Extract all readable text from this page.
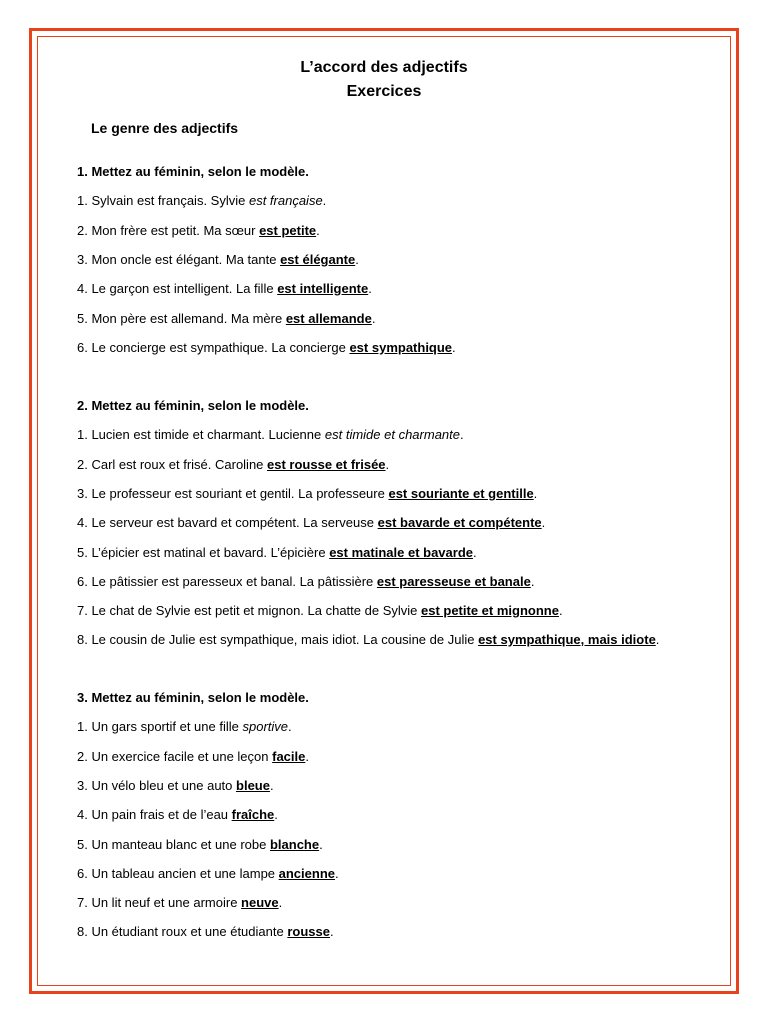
L’accord des adjectifs
Exercices
Le genre des adjectifs
1. Mettez au féminin, selon le modèle.
1. Sylvain est français. Sylvie est française.
2. Mon frère est petit. Ma sœur est petite.
3. Mon oncle est élégant. Ma tante est élégante.
4. Le garçon est intelligent. La fille est intelligente.
5. Mon père est allemand. Ma mère est allemande.
6. Le concierge est sympathique. La concierge est sympathique.
2. Mettez au féminin, selon le modèle.
1. Lucien est timide et charmant. Lucienne est timide et charmante.
2. Carl est roux et frisé. Caroline est rousse et frisée.
3. Le professeur est souriant et gentil. La professeure est souriante et gentille.
4. Le serveur est bavard et compétent. La serveuse est bavarde et compétente.
5. L’épicier est matinal et bavard. L’épicière est matinale et bavarde.
6. Le pâtissier est paresseux et banal. La pâtissière est paresseuse et banale.
7. Le chat de Sylvie est petit et mignon. La chatte de Sylvie est petite et mignonne.
8. Le cousin de Julie est sympathique, mais idiot. La cousine de Julie est sympathique, mais idiote.
3. Mettez au féminin, selon le modèle.
1. Un gars sportif et une fille sportive.
2. Un exercice facile et une leçon facile.
3. Un vélo bleu et une auto bleue.
4. Un pain frais et de l’eau fraîche.
5. Un manteau blanc et une robe blanche.
6. Un tableau ancien et une lampe ancienne.
7. Un lit neuf et une armoire neuve.
8. Un étudiant roux et une étudiante rousse.
